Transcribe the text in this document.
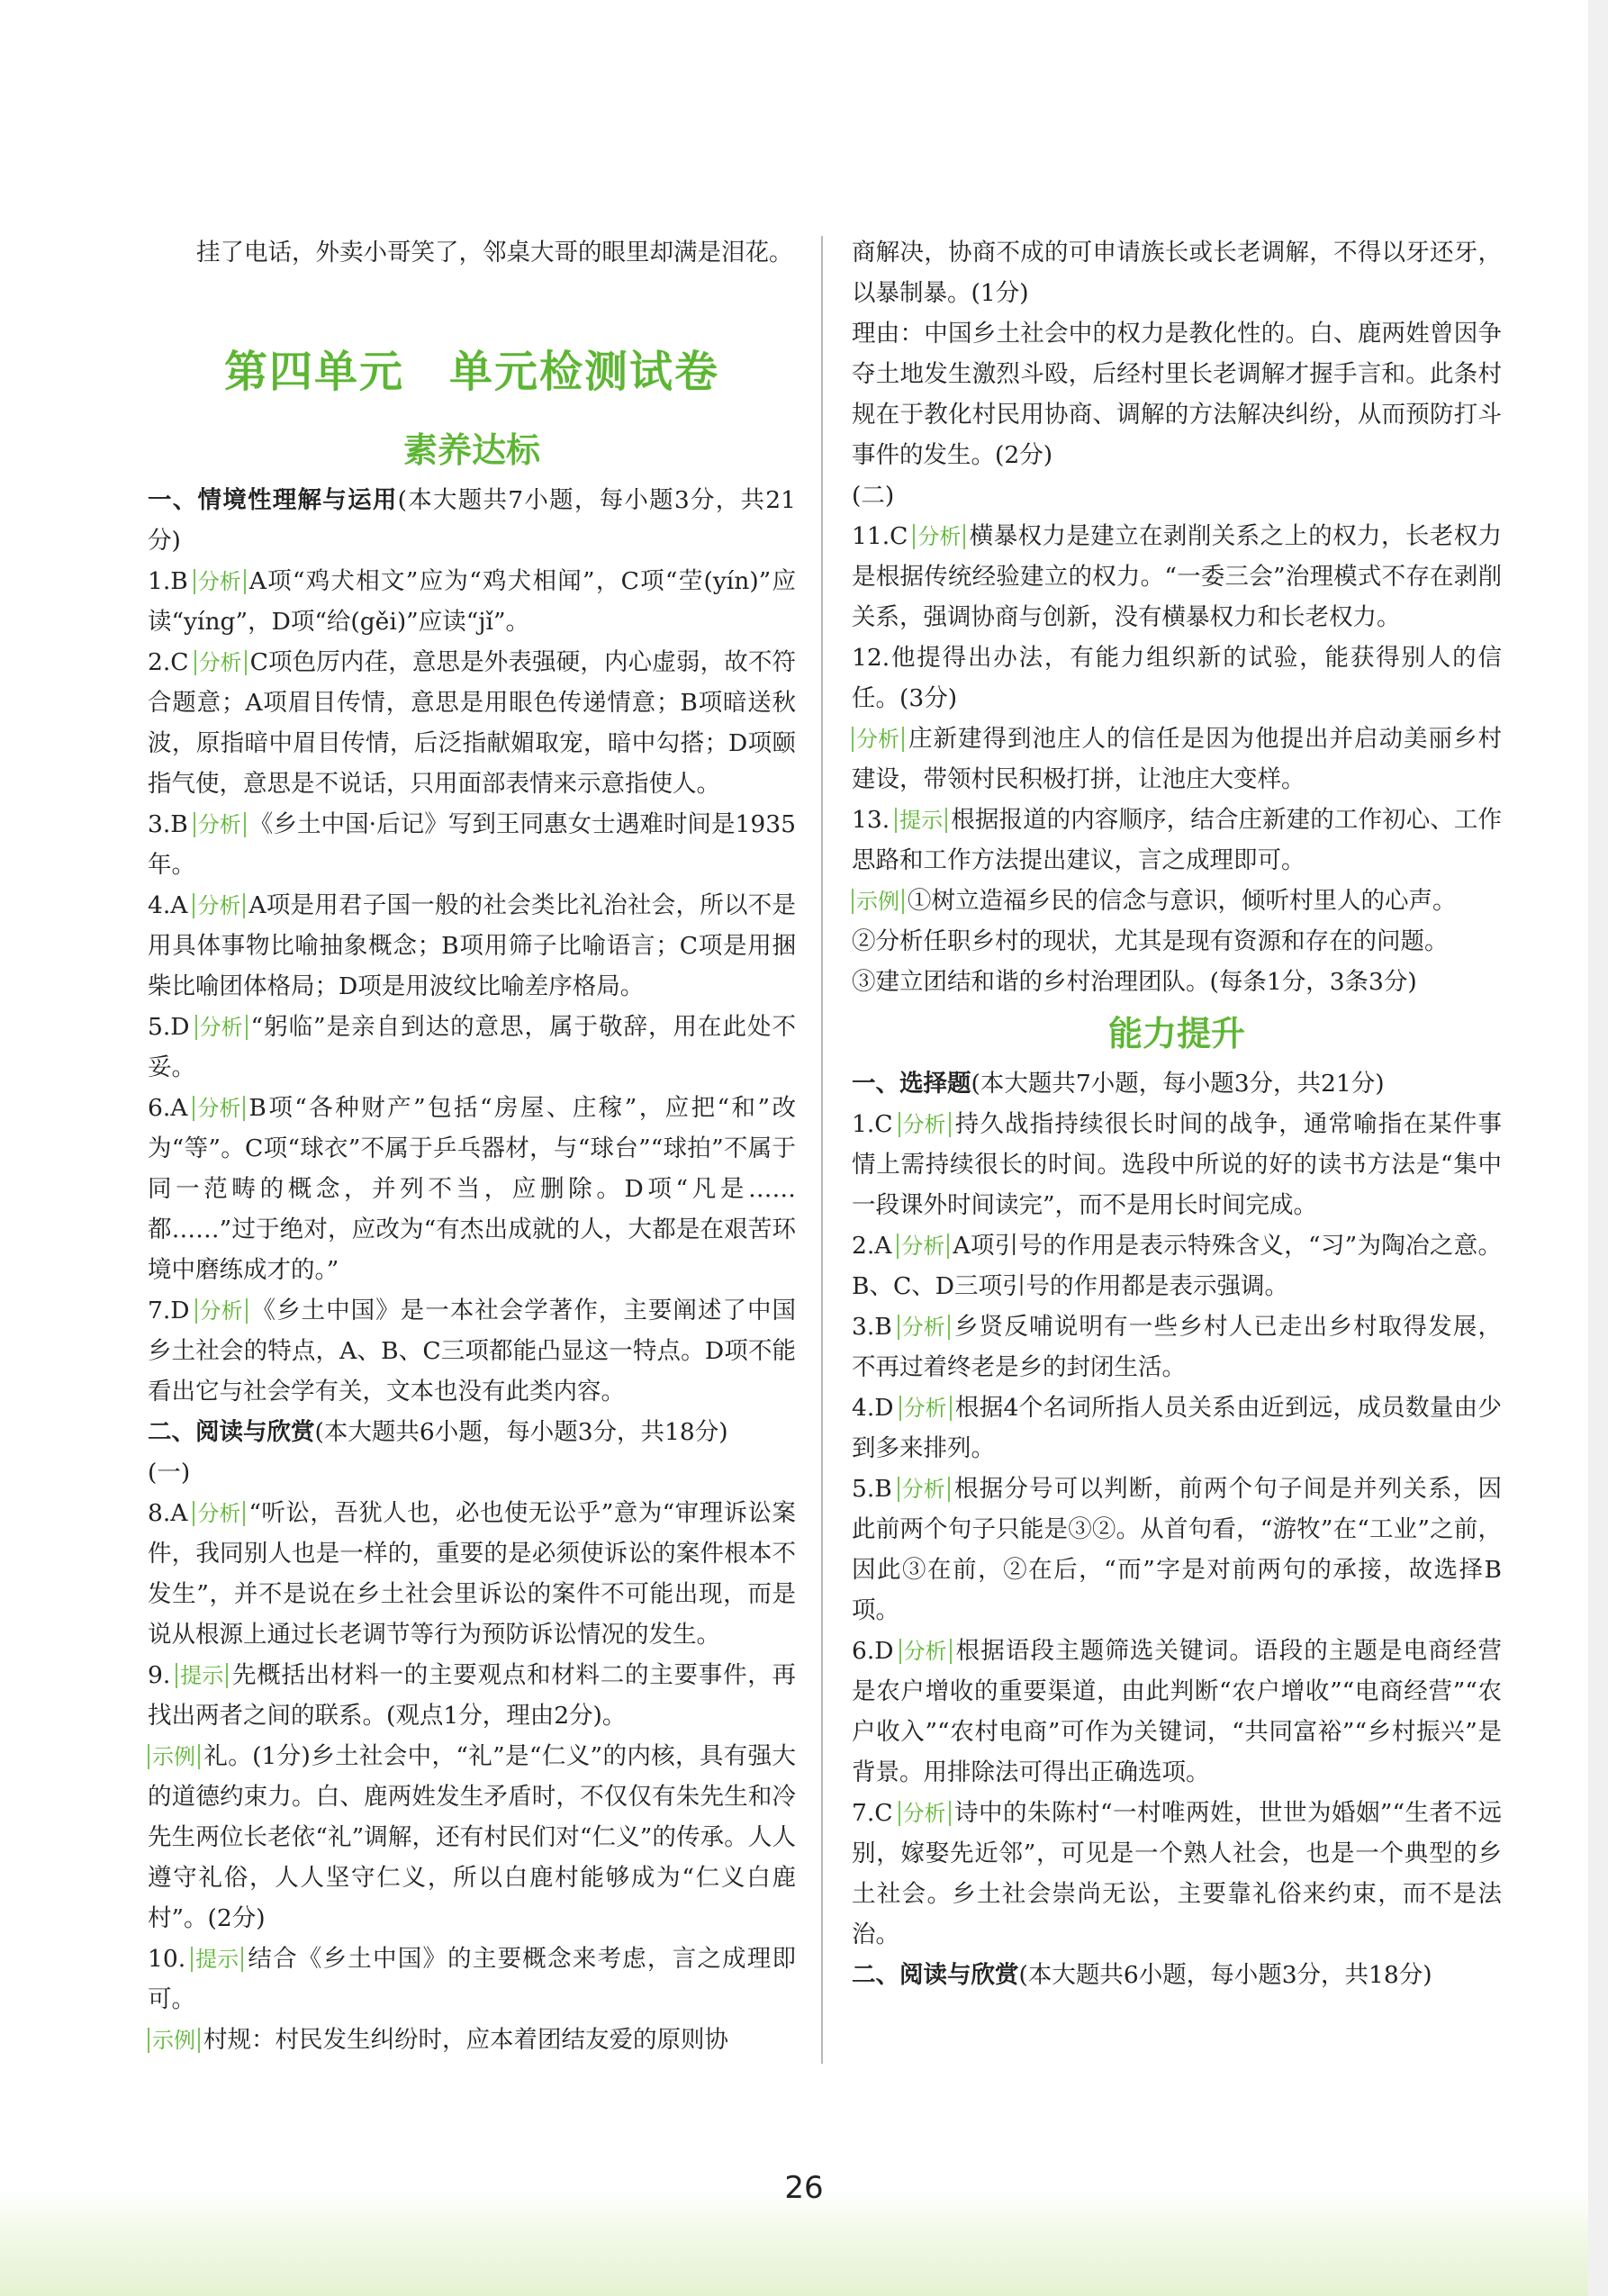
挂了电话，外卖小哥笑了，邻桌大哥的眼里却满是泪花。

第四单元　单元检测试卷
素养达标

一、情境性理解与运用(本大题共7小题，每小题3分，共21分)

1.B 分析 A项“鸡犬相文”应为“鸡犬相闻”，C项“茔(yín)”应读“yíng”，D项“给(gěi)”应读“jǐ”。

2.C 分析 C项色厉内荏，意思是外表强硬，内心虚弱，故不符合题意；A项眉目传情，意思是用眼色传递情意；B项暗送秋波，原指暗中眉目传情，后泛指献媚取宠，暗中勾搭；D项颐指气使，意思是不说话，只用面部表情来示意指使人。

3.B 分析 《乡土中国·后记》写到王同惠女士遇难时间是1935年。

4.A 分析 A项是用君子国一般的社会类比礼治社会，所以不是用具体事物比喻抽象概念；B项用筛子比喻语言；C项是用捆柴比喻团体格局；D项是用波纹比喻差序格局。

5.D 分析 “躬临”是亲自到达的意思，属于敬辞，用在此处不妥。

6.A 分析 B项“各种财产”包括“房屋、庄稼”，应把“和”改为“等”。C项“球衣”不属于乒乓器材，与“球台”“球拍”不属于同一范畴的概念，并列不当，应删除。D项“凡是……都……”过于绝对，应改为“有杰出成就的人，大都是在艰苦环境中磨练成才的。”

7.D 分析 《乡土中国》是一本社会学著作，主要阐述了中国乡土社会的特点，A、B、C三项都能凸显这一特点。D项不能看出它与社会学有关，文本也没有此类内容。

二、阅读与欣赏(本大题共6小题，每小题3分，共18分)

(一)

8.A 分析 “听讼，吾犹人也，必也使无讼乎”意为“审理诉讼案件，我同别人也是一样的，重要的是必须使诉讼的案件根本不发生”，并不是说在乡土社会里诉讼的案件不可能出现，而是说从根源上通过长老调节等行为预防诉讼情况的发生。

9. 提示 先概括出材料一的主要观点和材料二的主要事件，再找出两者之间的联系。(观点1分，理由2分)。

示例 礼。(1分)乡土社会中，“礼”是“仁义”的内核，具有强大的道德约束力。白、鹿两姓发生矛盾时，不仅仅有朱先生和冷先生两位长老依“礼”调解，还有村民们对“仁义”的传承。人人遵守礼俗，人人坚守仁义，所以白鹿村能够成为“仁义白鹿村”。(2分)

10. 提示 结合《乡土中国》的主要概念来考虑，言之成理即可。

示例 村规：村民发生纠纷时，应本着团结友爱的原则协

商解决，协商不成的可申请族长或长老调解，不得以牙还牙，以暴制暴。(1分)

理由：中国乡土社会中的权力是教化性的。白、鹿两姓曾因争夺土地发生激烈斗殴，后经村里长老调解才握手言和。此条村规在于教化村民用协商、调解的方法解决纠纷，从而预防打斗事件的发生。(2分)

(二)

11.C 分析 横暴权力是建立在剥削关系之上的权力，长老权力是根据传统经验建立的权力。“一委三会”治理模式不存在剥削关系，强调协商与创新，没有横暴权力和长老权力。

12.他提得出办法，有能力组织新的试验，能获得别人的信任。(3分)

分析 庄新建得到池庄人的信任是因为他提出并启动美丽乡村建设，带领村民积极打拼，让池庄大变样。

13. 提示 根据报道的内容顺序，结合庄新建的工作初心、工作思路和工作方法提出建议，言之成理即可。

示例 ①树立造福乡民的信念与意识，倾听村里人的心声。

②分析任职乡村的现状，尤其是现有资源和存在的问题。

③建立团结和谐的乡村治理团队。(每条1分，3条3分)

能力提升

一、选择题(本大题共7小题，每小题3分，共21分)

1.C 分析 持久战指持续很长时间的战争，通常喻指在某件事情上需持续很长的时间。选段中所说的好的读书方法是“集中一段课外时间读完”，而不是用长时间完成。

2.A 分析 A项引号的作用是表示特殊含义，“习”为陶冶之意。B、C、D三项引号的作用都是表示强调。

3.B 分析 乡贤反哺说明有一些乡村人已走出乡村取得发展，不再过着终老是乡的封闭生活。

4.D 分析 根据4个名词所指人员关系由近到远，成员数量由少到多来排列。

5.B 分析 根据分号可以判断，前两个句子间是并列关系，因此前两个句子只能是③②。从首句看，“游牧”在“工业”之前，因此③在前，②在后，“而”字是对前两句的承接，故选择B项。

6.D 分析 根据语段主题筛选关键词。语段的主题是电商经营是农户增收的重要渠道，由此判断“农户增收”“电商经营”“农户收入”“农村电商”可作为关键词，“共同富裕”“乡村振兴”是背景。用排除法可得出正确选项。

7.C 分析 诗中的朱陈村“一村唯两姓，世世为婚姻”“生者不远别，嫁娶先近邻”，可见是一个熟人社会，也是一个典型的乡土社会。乡土社会崇尚无讼，主要靠礼俗来约束，而不是法治。

二、阅读与欣赏(本大题共6小题，每小题3分，共18分)

26
